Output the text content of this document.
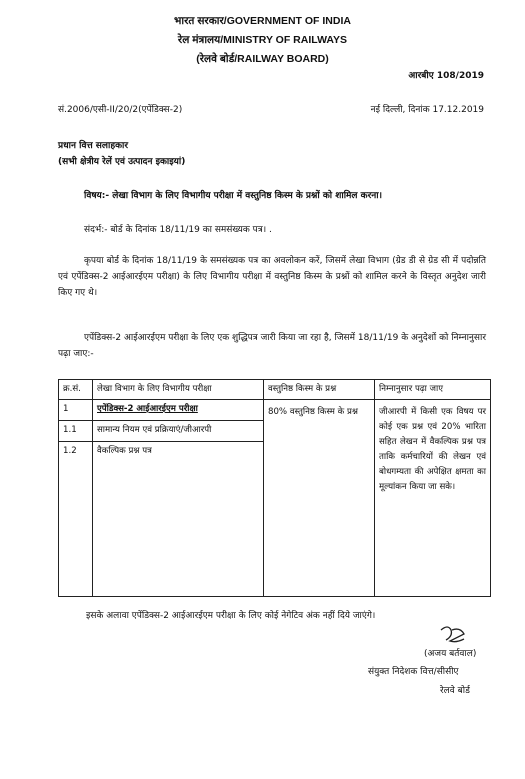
भारत सरकार/GOVERNMENT OF INDIA
रेल मंत्रालय/MINISTRY OF RAILWAYS
(रेलवे बोर्ड/RAILWAY BOARD)
आरबीए 108/2019
सं.2006/एसी-II/20/2(एपेंडिक्स-2)	नई दिल्ली, दिनांक 17.12.2019
प्रधान वित्त सलाहकार
(सभी क्षेत्रीय रेलें एवं उत्पादन इकाइयां)
विषय:- लेखा विभाग के लिए विभागीय परीक्षा में वस्तुनिष्ठ किस्म के प्रश्नों को शामिल करना।
संदर्भ:- बोर्ड के दिनांक 18/11/19 का समसंख्यक पत्र। .
कृपया बोर्ड के दिनांक 18/11/19 के समसंख्यक पत्र का अवलोकन करें, जिसमें लेखा विभाग (ग्रेड डी से ग्रेड सी में पदोन्नति एवं एपेंडिक्स-2 आईआरईएम परीक्षा) के लिए विभागीय परीक्षा में वस्तुनिष्ठ किस्म के प्रश्नों को शामिल करने के विस्तृत अनुदेश जारी किए गए थे।
एपेंडिक्स-2 आईआरईएम परीक्षा के लिए एक शुद्धिपत्र जारी किया जा रहा है, जिसमें 18/11/19 के अनुदेशों को निम्नानुसार पढ़ा जाए:-
क्र.सं.	लेखा विभाग के लिए विभागीय परीक्षा	वस्तुनिष्ठ किस्म के प्रश्न	निम्नानुसार पढ़ा जाए
1	एपेंडिक्स-2 आईआरईएम परीक्षा	80% वस्तुनिष्ठ किस्म के प्रश्न	जीआरपी में किसी एक विषय पर कोई एक प्रश्न एवं 20% भारिता सहित लेखन में वैकल्पिक प्रश्न पत्र ताकि कर्मचारियों की लेखन एवं बोधगम्यता की अपेक्षित क्षमता का मूल्यांकन किया जा सके।
1.1	सामान्य नियम एवं प्रक्रियाएं/जीआरपी		
1.2	वैकल्पिक प्रश्न पत्र		
इसके अलावा एपेंडिक्स-2 आईआरईएम परीक्षा के लिए कोई नेगेटिव अंक नहीं दिये जाएंगे।
(अजय बर्तवाल)
संयुक्त निदेशक वित्त/सीसीए
रेलवे बोर्ड
